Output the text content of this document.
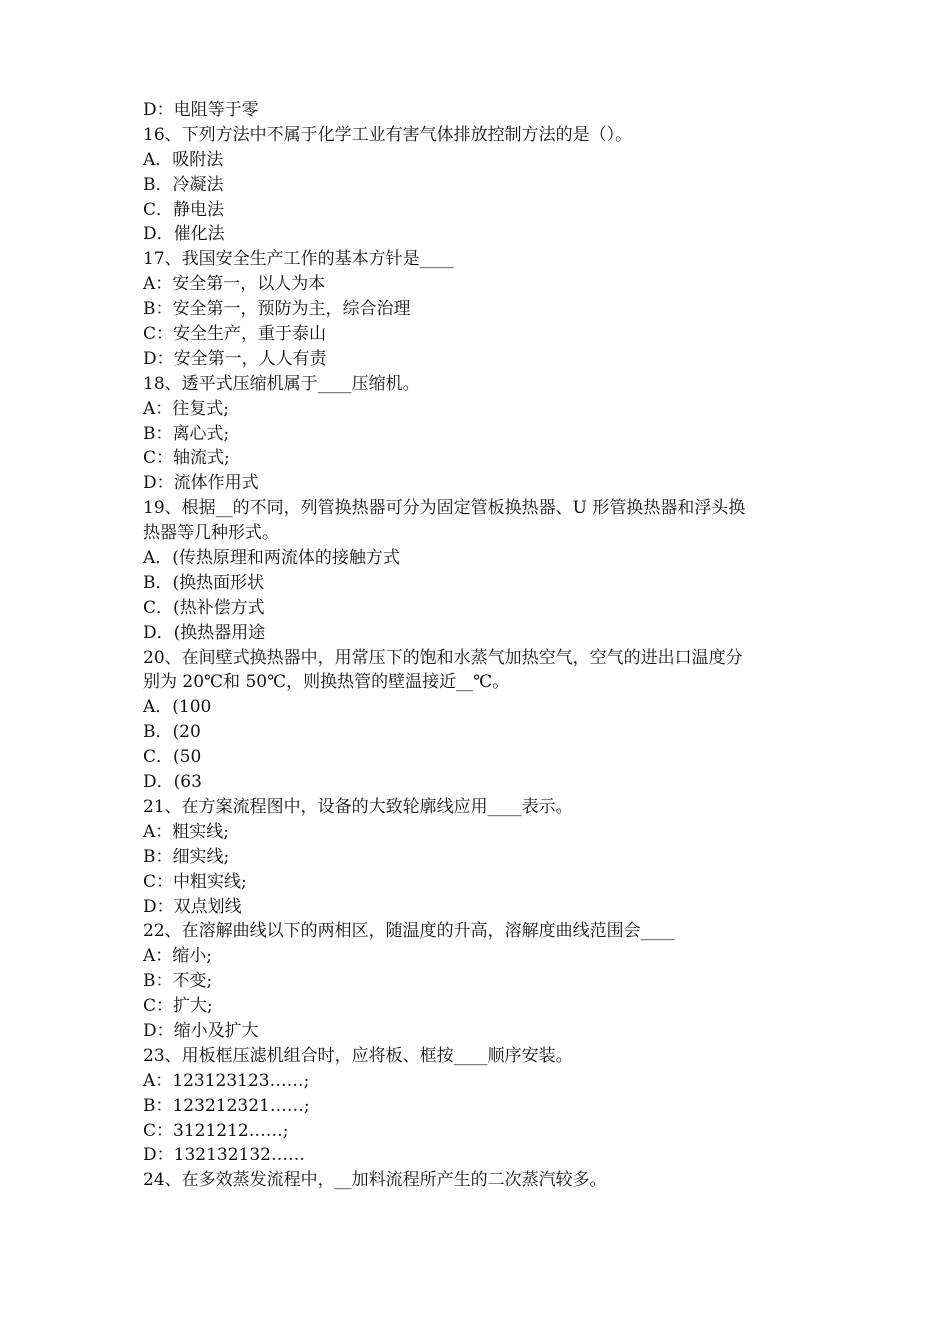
D：电阻等于零
16、下列方法中不属于化学工业有害气体排放控制方法的是（）。
A．吸附法
B．冷凝法
C．静电法
D．催化法
17、我国安全生产工作的基本方针是____
A：安全第一，以人为本
B：安全第一，预防为主，综合治理
C：安全生产，重于泰山
D：安全第一，人人有责
18、透平式压缩机属于____压缩机。
A：往复式;
B：离心式;
C：轴流式;
D：流体作用式
19、根据__的不同，列管换热器可分为固定管板换热器、U 形管换热器和浮头换
热器等几种形式。
A．(传热原理和两流体的接触方式
B．(换热面形状
C．(热补偿方式
D．(换热器用途
20、在间壁式换热器中，用常压下的饱和水蒸气加热空气，空气的进出口温度分
别为 20℃和 50℃，则换热管的壁温接近__℃。
A．(100
B．(20
C．(50
D．(63
21、在方案流程图中，设备的大致轮廓线应用____表示。
A：粗实线;
B：细实线;
C：中粗实线;
D：双点划线
22、在溶解曲线以下的两相区，随温度的升高，溶解度曲线范围会____
A：缩小;
B：不变;
C：扩大;
D：缩小及扩大
23、用板框压滤机组合时，应将板、框按____顺序安装。
A：123123123……;
B：123212321……;
C：3121212……;
D：132132132……
24、在多效蒸发流程中，__加料流程所产生的二次蒸汽较多。
